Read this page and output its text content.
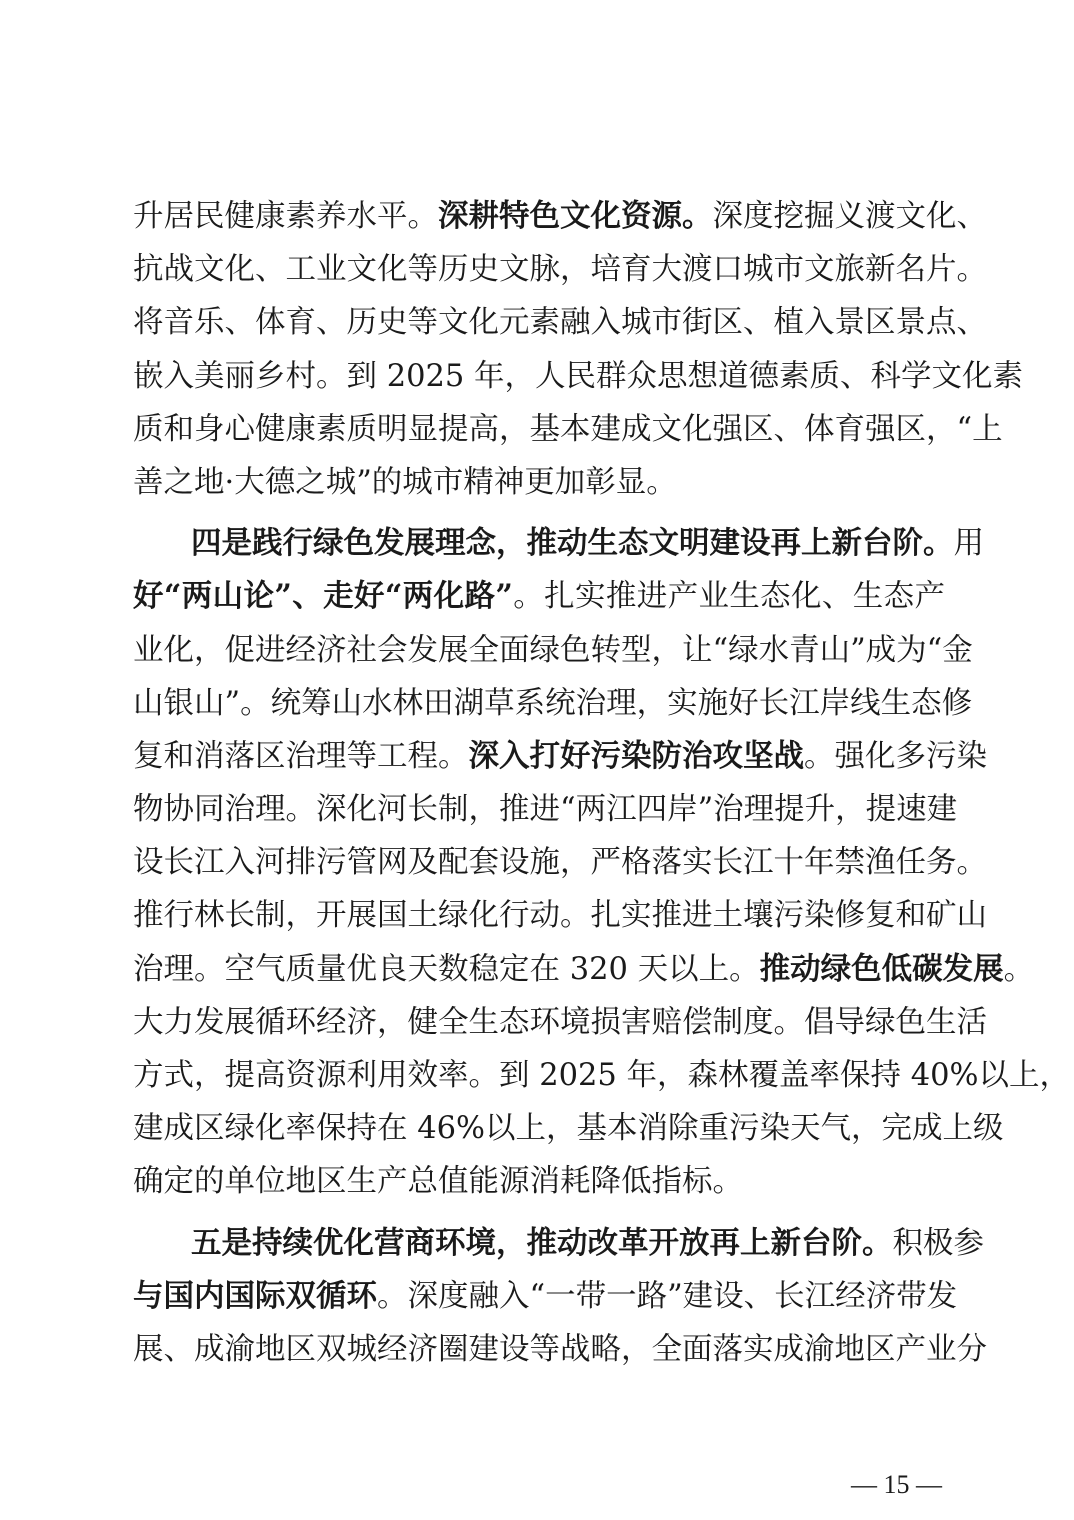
升居民健康素养水平。深耕特色文化资源。深度挖掘义渡文化、
抗战文化、工业文化等历史文脉，培育大渡口城市文旅新名片。
将音乐、体育、历史等文化元素融入城市街区、植入景区景点、
嵌入美丽乡村。到 2025 年，人民群众思想道德素质、科学文化素
质和身心健康素质明显提高，基本建成文化强区、体育强区，“上
善之地·大德之城”的城市精神更加彰显。
四是践行绿色发展理念，推动生态文明建设再上新台阶。用
好“两山论”、走好“两化路”。扎实推进产业生态化、生态产
业化，促进经济社会发展全面绿色转型，让“绿水青山”成为“金
山银山”。统筹山水林田湖草系统治理，实施好长江岸线生态修
复和消落区治理等工程。深入打好污染防治攻坚战。强化多污染
物协同治理。深化河长制，推进“两江四岸”治理提升，提速建
设长江入河排污管网及配套设施，严格落实长江十年禁渔任务。
推行林长制，开展国土绿化行动。扎实推进土壤污染修复和矿山
治理。空气质量优良天数稳定在 320 天以上。推动绿色低碳发展。
大力发展循环经济，健全生态环境损害赔偿制度。倡导绿色生活
方式，提高资源利用效率。到 2025 年，森林覆盖率保持 40%以上，
建成区绿化率保持在 46%以上，基本消除重污染天气，完成上级
确定的单位地区生产总值能源消耗降低指标。
五是持续优化营商环境，推动改革开放再上新台阶。积极参
与国内国际双循环。深度融入“一带一路”建设、长江经济带发
展、成渝地区双城经济圈建设等战略，全面落实成渝地区产业分
— 15 —
